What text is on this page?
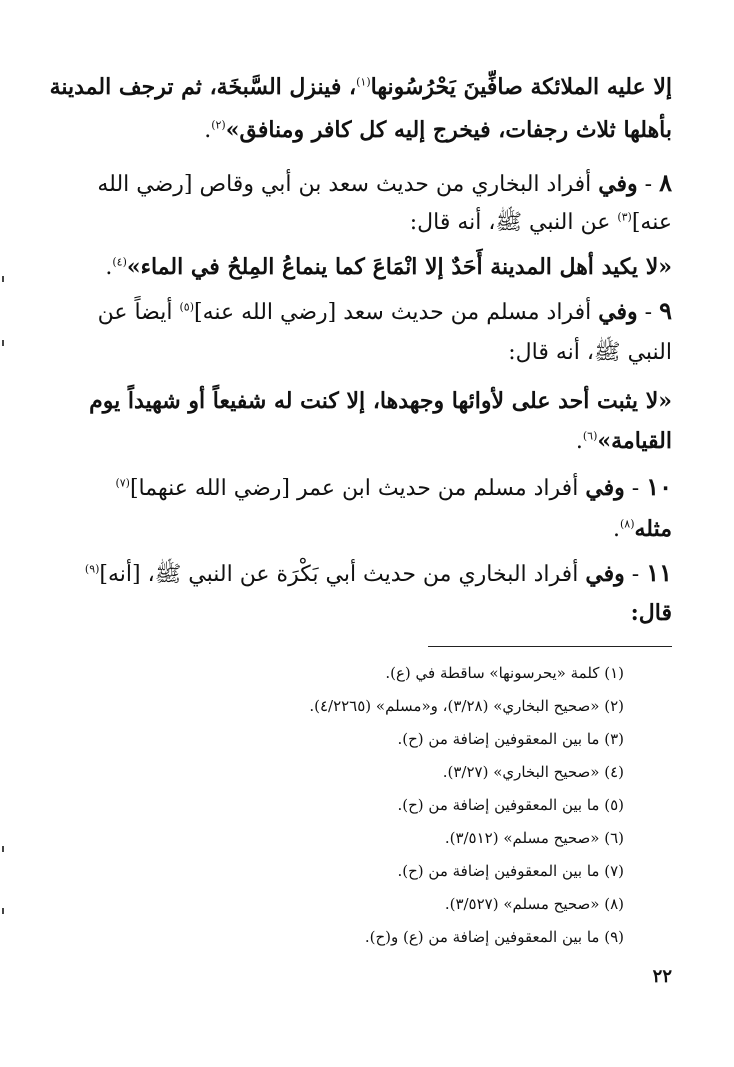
إلا عليه الملائكة صافِّينَ يَحْرُسُونها$^{(١)}$، فينزل السَّبخَة، ثم ترجف المدينة
بأهلها ثلاث رجفات، فيخرج إليه كل كافر ومنافق»$^{(٢)}$.
٨ - وفي أفراد البخاري من حديث سعد بن أبي وقاص [رضي الله
عنه]$^{(٣)}$ عن النبي ﷺ، أنه قال:
«لا يكيد أهل المدينة أَحَدٌ إلا انْمَاعَ كما ينماعُ المِلحُ في الماء»$^{(٤)}$.
٩ - وفي أفراد مسلم من حديث سعد [رضي الله عنه]$^{(٥)}$ أيضاً عن
النبي ﷺ، أنه قال:
«لا يثبت أحد على لأوائها وجهدها، إلا كنت له شفيعاً أو شهيداً يوم
القيامة»$^{(٦)}$.
١٠ - وفي أفراد مسلم من حديث ابن عمر [رضي الله عنهما]$^{(٧)}$
مثله$^{(٨)}$.
١١ - وفي أفراد البخاري من حديث أبي بَكْرَة عن النبي ﷺ، [أنه]$^{(٩)}$
قال:
(١) كلمة «يحرسونها» ساقطة في (ع).
(٢) «صحيح البخاري» (٣/٢٨)، و«مسلم» (٤/٢٢٦٥).
(٣) ما بين المعقوفين إضافة من (ح).
(٤) «صحيح البخاري» (٣/٢٧).
(٥) ما بين المعقوفين إضافة من (ح).
(٦) «صحيح مسلم» (٣/٥١٢).
(٧) ما بين المعقوفين إضافة من (ح).
(٨) «صحيح مسلم» (٣/٥٢٧).
(٩) ما بين المعقوفين إضافة من (ع) و(ح).
٢٢
